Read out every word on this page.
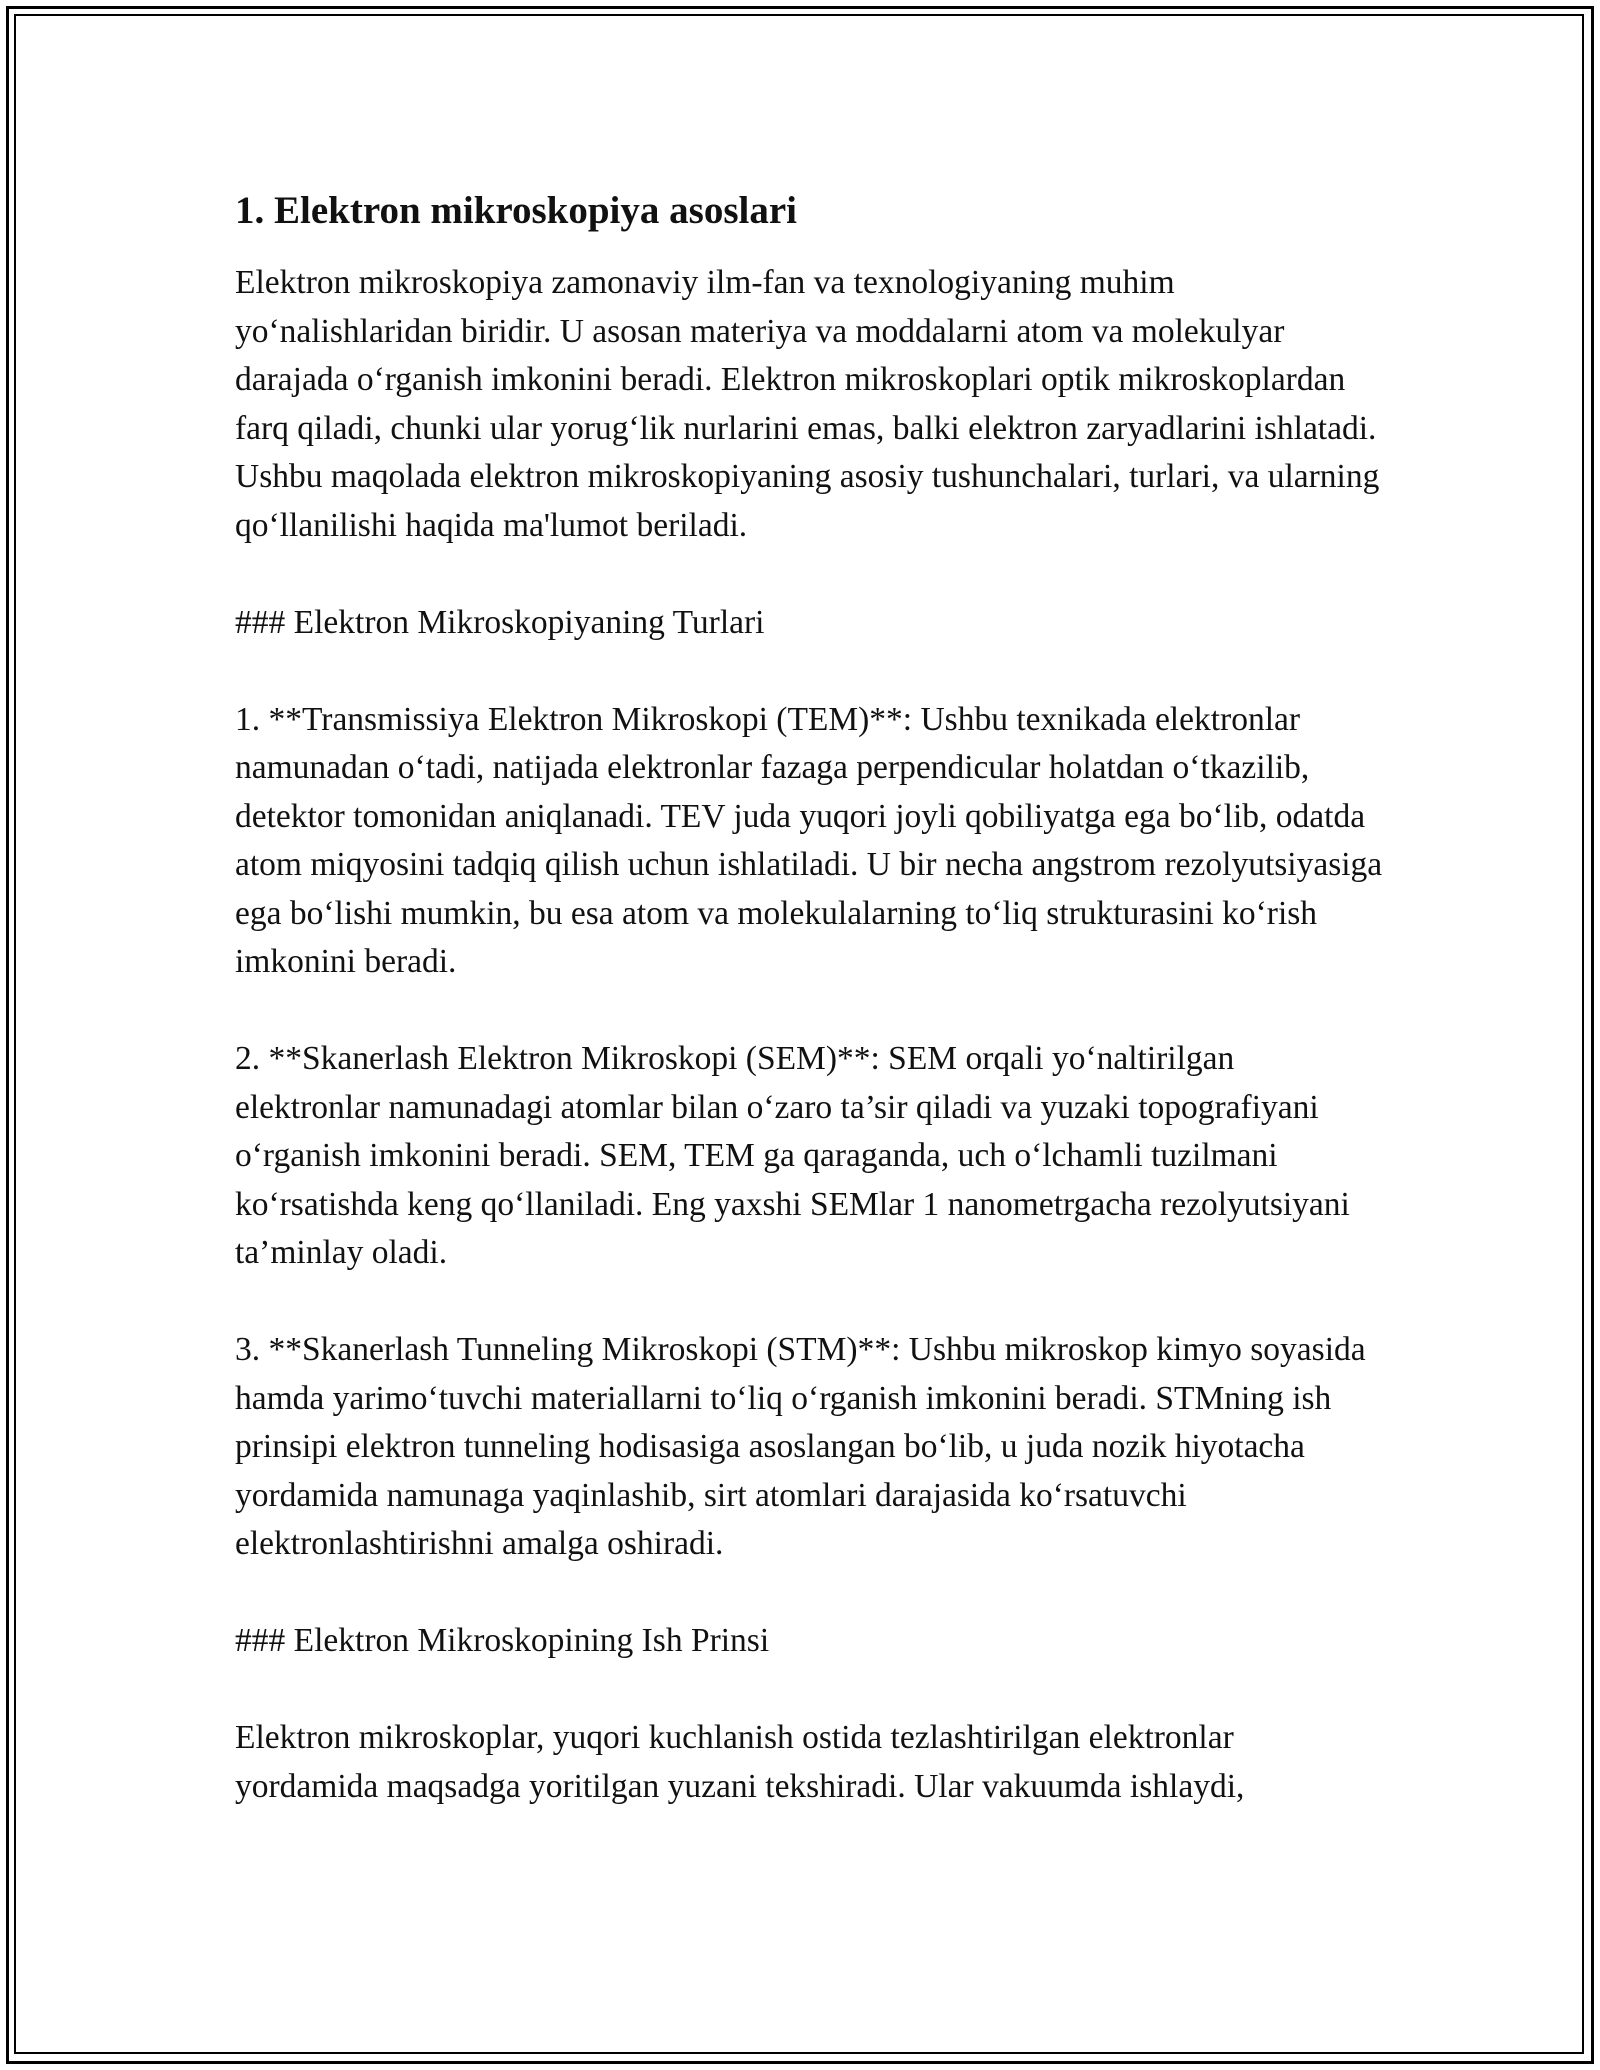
1. Elektron mikroskopiya asoslari

Elektron mikroskopiya zamonaviy ilm-fan va texnologiyaning muhim yo‘nalishlaridan biridir. U asosan materiya va moddalarni atom va molekulyar darajada o‘rganish imkonini beradi. Elektron mikroskoplari optik mikroskoplardan farq qiladi, chunki ular yorug‘lik nurlarini emas, balki elektron zaryadlarini ishlatadi. Ushbu maqolada elektron mikroskopiyaning asosiy tushunchalari, turlari, va ularning qo‘llanilishi haqida ma'lumot beriladi.

### Elektron Mikroskopiyaning Turlari

1. **Transmissiya Elektron Mikroskopi (TEM)**: Ushbu texnikada elektronlar namunadan o‘tadi, natijada elektronlar fazaga perpendicular holatdan o‘tkazilib, detektor tomonidan aniqlanadi. TEV juda yuqori joyli qobiliyatga ega bo‘lib, odatda atom miqyosini tadqiq qilish uchun ishlatiladi. U bir necha angstrom rezolyutsiyasiga ega bo‘lishi mumkin, bu esa atom va molekulalarning to‘liq strukturasini ko‘rish imkonini beradi.

2. **Skanerlash Elektron Mikroskopi (SEM)**: SEM orqali yo‘naltirilgan elektronlar namunadagi atomlar bilan o‘zaro ta’sir qiladi va yuzaki topografiyani o‘rganish imkonini beradi. SEM, TEM ga qaraganda, uch o‘lchamli tuzilmani ko‘rsatishda keng qo‘llaniladi. Eng yaxshi SEMlar 1 nanometrgacha rezolyutsiyani ta’minlay oladi.

3. **Skanerlash Tunneling Mikroskopi (STM)**: Ushbu mikroskop kimyo soyasida hamda yarimo‘tuvchi materiallarni to‘liq o‘rganish imkonini beradi. STMning ish prinsipi elektron tunneling hodisasiga asoslangan bo‘lib, u juda nozik hiyotacha yordamida namunaga yaqinlashib, sirt atomlari darajasida ko‘rsatuvchi elektronlashtirishni amalga oshiradi.

### Elektron Mikroskopining Ish Prinsi

Elektron mikroskoplar, yuqori kuchlanish ostida tezlashtirilgan elektronlar yordamida maqsadga yoritilgan yuzani tekshiradi. Ular vakuumda ishlaydi,
